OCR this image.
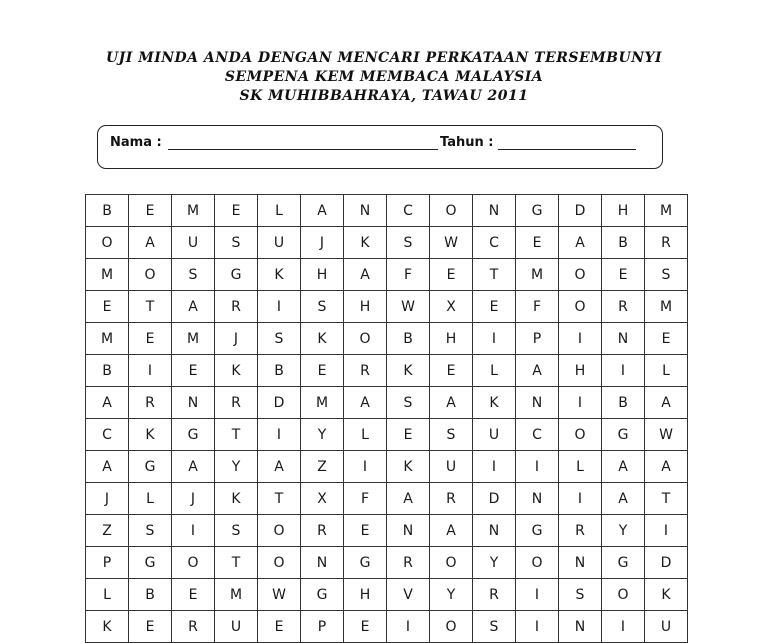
UJI MINDA ANDA DENGAN MENCARI PERKATAAN TERSEMBUNYI
SEMPENA KEM MEMBACA MALAYSIA
SK MUHIBBAHRAYA, TAWAU 2011
Nama :	Tahun :
B	E	M	E	L	A	N	C	O	N	G	D	H	M
O	A	U	S	U	J	K	S	W	C	E	A	B	R
M	O	S	G	K	H	A	F	E	T	M	O	E	S
E	T	A	R	I	S	H	W	X	E	F	O	R	M
M	E	M	J	S	K	O	B	H	I	P	I	N	E
B	I	E	K	B	E	R	K	E	L	A	H	I	L
A	R	N	R	D	M	A	S	A	K	N	I	B	A
C	K	G	T	I	Y	L	E	S	U	C	O	G	W
A	G	A	Y	A	Z	I	K	U	I	I	L	A	A
J	L	J	K	T	X	F	A	R	D	N	I	A	T
Z	S	I	S	O	R	E	N	A	N	G	R	Y	I
P	G	O	T	O	N	G	R	O	Y	O	N	G	D
L	B	E	M	W	G	H	V	Y	R	I	S	O	K
K	E	R	U	E	P	E	I	O	S	I	N	I	U
